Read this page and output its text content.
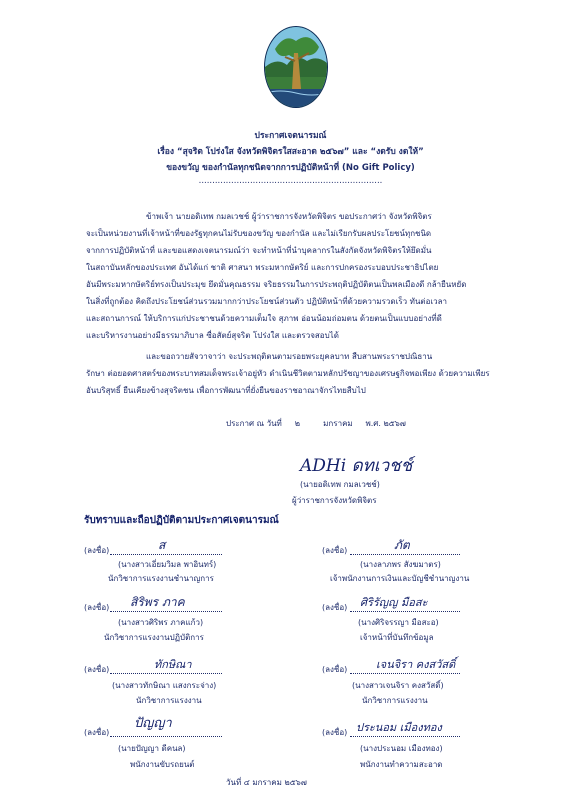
ประกาศเจตนารมณ์
เรื่อง “สุจริต โปร่งใส จังหวัดพิจิตรใสสะอาด ๒๕๖๗” และ “งดรับ งดให้”
ของขวัญ ของกำนัลทุกชนิดจากการปฏิบัติหน้าที่ (No Gift Policy)
....................................................................
ข้าพเจ้า นายอดิเทพ กมลเวชช์ ผู้ว่าราชการจังหวัดพิจิตร ขอประกาศว่า จังหวัดพิจิตร
จะเป็นหน่วยงานที่เจ้าหน้าที่ของรัฐทุกคนไม่รับของขวัญ ของกำนัล และไม่เรียกรับผลประโยชน์ทุกชนิด
จากการปฏิบัติหน้าที่ และขอแสดงเจตนารมณ์ว่า จะทำหน้าที่นำบุคลากรในสังกัดจังหวัดพิจิตรให้ยึดมั่น
ในสถาบันหลักของประเทศ อันได้แก่ ชาติ ศาสนา พระมหากษัตริย์ และการปกครองระบอบประชาธิปไตย
อันมีพระมหากษัตริย์ทรงเป็นประมุข ยึดมั่นคุณธรรม จริยธรรมในการประพฤติปฏิบัติตนเป็นพลเมืองดี กล้ายืนหยัด
ในสิ่งที่ถูกต้อง คิดถึงประโยชน์ส่วนรวมมากกว่าประโยชน์ส่วนตัว ปฏิบัติหน้าที่ด้วยความรวดเร็ว ทันต่อเวลา
และสถานการณ์ ให้บริการแก่ประชาชนด้วยความเต็มใจ สุภาพ อ่อนน้อมถ่อมตน ด้วยตนเป็นแบบอย่างที่ดี
และบริหารงานอย่างมีธรรมาภิบาล ซื่อสัตย์สุจริต โปร่งใส และตรวจสอบได้
และขอถวายสัจวาจาว่า จะประพฤติตนตามรอยพระยุคลบาท สืบสานพระราชปณิธาน
รักษา ต่อยอดศาสตร์ของพระบาทสมเด็จพระเจ้าอยู่หัว ดำเนินชีวิตตามหลักปรัชญาของเศรษฐกิจพอเพียง ด้วยความเพียร
อันบริสุทธิ์ ยืนเคียงข้างสุจริตชน เพื่อการพัฒนาที่ยั่งยืนของราชอาณาจักรไทยสืบไป
ประกาศ ณ วันที่ ๒	มกราคม พ.ศ. ๒๕๖๗
ADHi ดทเวชช์
(นายอดิเทพ กมลเวชช์)
ผู้ว่าราชการจังหวัดพิจิตร
รับทราบและถือปฏิบัติตามประกาศเจตนารมณ์
(ลงชื่อ)	ส
(นางสาวเอี่ยมวิมล พาอินทร์)
นักวิชาการแรงงานชำนาญการ
(ลงชื่อ)	ภัต
(นางลาภพร สังฆมาตร)
เจ้าพนักงานการเงินและบัญชีชำนาญงาน
(ลงชื่อ) สิริพร ภาค
(นางสาวศิริพร ภาคแก้ว)
นักวิชาการแรงงานปฏิบัติการ
(ลงชื่อ) ศิริรัญญ มือสะ
(นางศิริจรรญา มือสะอ)
เจ้าหน้าที่บันทึกข้อมูล
(ลงชื่อ)	ทักษิณา
(นางสาวทักษิณา แสงกระจ่าง)
นักวิชาการแรงงาน
(ลงชื่อ)	เจนจิรา คงสวัสดิ์
(นางสาวเจนจิรา คงสวัสดิ์)
นักวิชาการแรงงาน
(ลงชื่อ)
ปัญญา
(นายปัญญา ดีคนล)
พนักงานขับรถยนต์
(ลงชื่อ) ประนอม เมืองทอง
(นางประนอม เมืองทอง)
พนักงานทำความสะอาด
วันที่ ๔ มกราคม ๒๕๖๗
